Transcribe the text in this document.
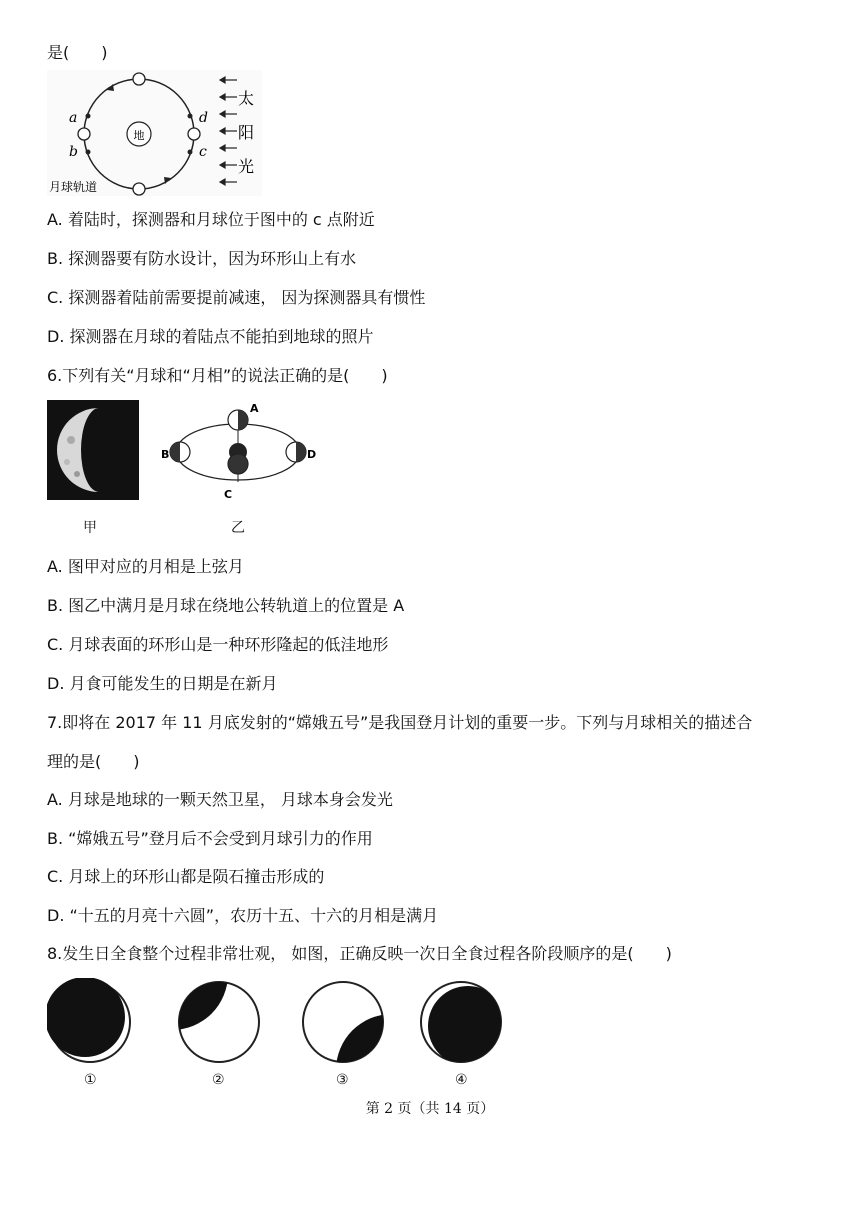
是(　　)
地
a
b	c
d
太
阳
光
月球轨道
A. 着陆时，探测器和月球位于图中的 c 点附近
B. 探测器要有防水设计，因为环形山上有水
C. 探测器着陆前需要提前减速， 因为探测器具有惯性
D. 探测器在月球的着陆点不能拍到地球的照片
6.下列有关“月球和“月相”的说法正确的是(　　)
甲
A
B
C
D
乙
A. 图甲对应的月相是上弦月
B. 图乙中满月是月球在绕地公转轨道上的位置是 A
C. 月球表面的环形山是一种环形隆起的低洼地形
D. 月食可能发生的日期是在新月
7.即将在 2017 年 11 月底发射的“嫦娥五号”是我国登月计划的重要一步。下列与月球相关的描述合
理的是(　　)
A. 月球是地球的一颗天然卫星， 月球本身会发光
B. “嫦娥五号”登月后不会受到月球引力的作用
C. 月球上的环形山都是陨石撞击形成的
D. “十五的月亮十六圆”，农历十五、十六的月相是满月
8.发生日全食整个过程非常壮观， 如图，正确反映一次日全食过程各阶段顺序的是(　　)
①	②	③	④
第 2 页（共 14 页）
